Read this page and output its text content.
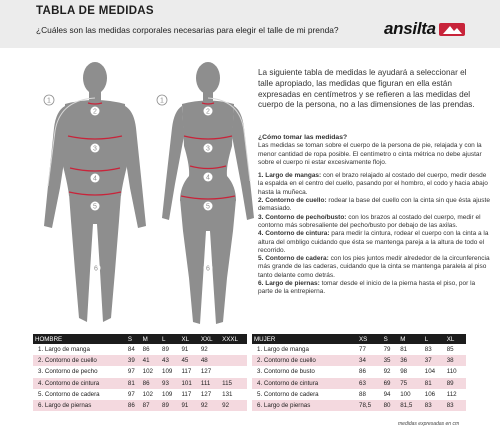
TABLA DE MEDIDAS
¿Cuáles son las medidas corporales necesarias para elegir el talle de mi prenda?	ansilta
1
2
3
4
5
6
1
2
3
4
5
6
La siguiente tabla de medidas le ayudará a seleccionar el talle apropiado, las medidas que figuran en ella están expresadas en centímetros y se refieren a las medidas del cuerpo de la persona, no a las dimensiones de las prendas.
¿Cómo tomar las medidas?
Las medidas se toman sobre el cuerpo de la persona de pie, relajada y con la menor cantidad de ropa posible. El centímetro o cinta métrica no debe ajustar sobre el cuerpo ni estar excesivamente flojo.

1. Largo de mangas: con el brazo relajado al costado del cuerpo, medir desde la espalda en el centro del cuello, pasando por el hombro, el codo y hacia abajo hasta la muñeca.

2. Contorno de cuello: rodear la base del cuello con la cinta sin que ésta ajuste demasiado.

3. Contorno de pecho/busto: con los brazos al costado del cuerpo, medir el contorno más sobresaliente del pecho/busto por debajo de las axilas.

4. Contorno de cintura: para medir la cintura, rodear el cuerpo con la cinta a la altura del ombligo cuidando que ésta se mantenga pareja a la altura de todo el recorrido.

5. Contorno de cadera: con los pies juntos medir alrededor de la circunferencia más grande de las caderas, cuidando que la cinta se mantenga paralela al piso tanto delante como detrás.

6. Largo de piernas: tomar desde el inicio de la pierna hasta el piso, por la parte de la entrepierna.

HOMBRE	S	M	L	XL	XXL	XXXL
1. Largo de manga	84	86	89	91	92	
2. Contorno de cuello	39	41	43	45	48	
3. Contorno de pecho	97	102	109	117	127	
4. Contorno de cintura	81	86	93	101	111	115
5. Contorno de cadera	97	102	109	117	127	131
6. Largo de piernas	86	87	89	91	92	92
MUJER	XS	S	M	L	XL
1. Largo de manga	77	79	81	83	85
2. Contorno de cuello	34	35	36	37	38
3. Contorno de busto	86	92	98	104	110
4. Contorno de cintura	63	69	75	81	89
5. Contorno de cadera	88	94	100	106	112
6. Largo de piernas	78,5	80	81,5	83	83
medidas expresadas en cm
